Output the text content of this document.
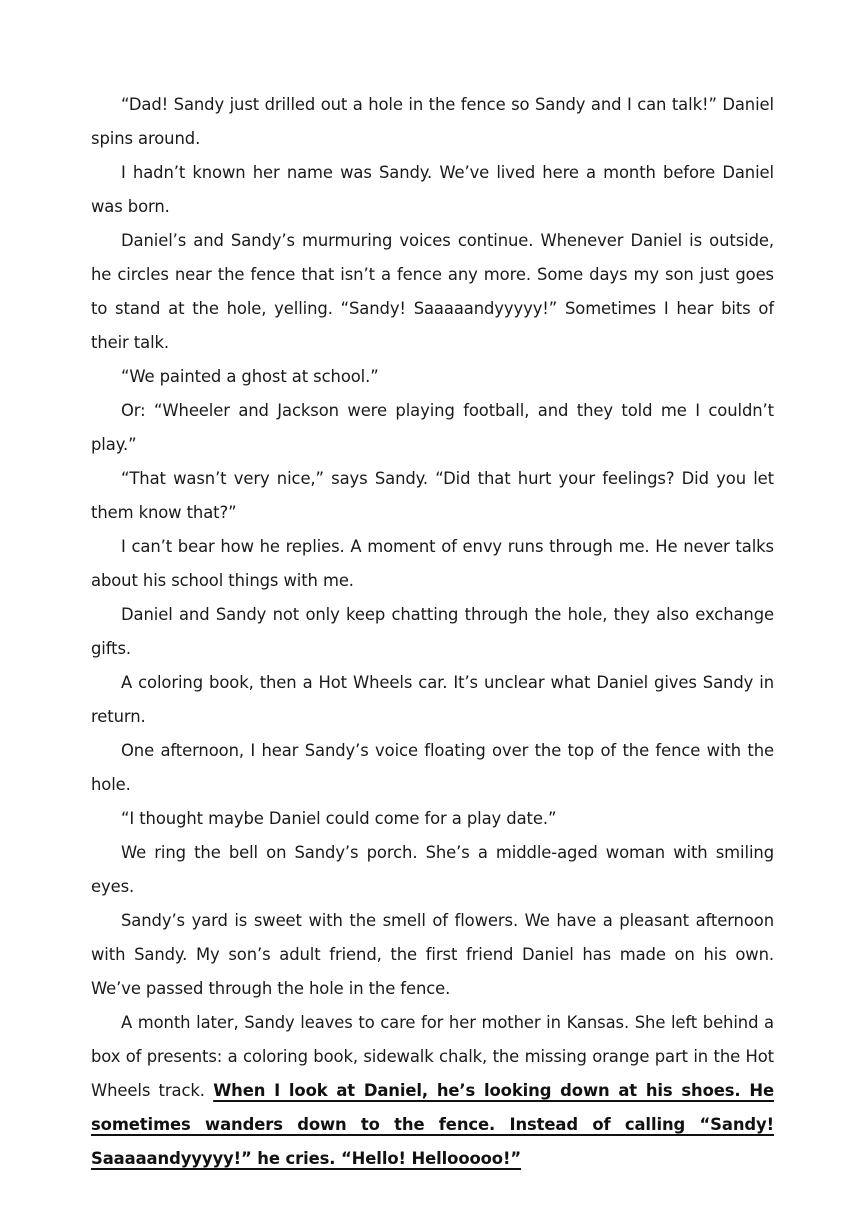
“Dad! Sandy just drilled out a hole in the fence so Sandy and I can talk!” Daniel spins around.

I hadn’t known her name was Sandy. We’ve lived here a month before Daniel was born.

Daniel’s and Sandy’s murmuring voices continue. Whenever Daniel is outside, he circles near the fence that isn’t a fence any more. Some days my son just goes to stand at the hole, yelling. “Sandy! Saaaaandyyyyy!” Sometimes I hear bits of their talk.

“We painted a ghost at school.”

Or: “Wheeler and Jackson were playing football, and they told me I couldn’t play.”

“That wasn’t very nice,” says Sandy. “Did that hurt your feelings? Did you let them know that?”

I can’t bear how he replies. A moment of envy runs through me. He never talks about his school things with me.

Daniel and Sandy not only keep chatting through the hole, they also exchange gifts.

A coloring book, then a Hot Wheels car. It’s unclear what Daniel gives Sandy in return.

One afternoon, I hear Sandy’s voice floating over the top of the fence with the hole.

“I thought maybe Daniel could come for a play date.”

We ring the bell on Sandy’s porch. She’s a middle-aged woman with smiling eyes.

Sandy’s yard is sweet with the smell of flowers. We have a pleasant afternoon with Sandy. My son’s adult friend, the first friend Daniel has made on his own. We’ve passed through the hole in the fence.

A month later, Sandy leaves to care for her mother in Kansas. She left behind a box of presents: a coloring book, sidewalk chalk, the missing orange part in the Hot Wheels track. When I look at Daniel, he’s looking down at his shoes. He sometimes wanders down to the fence. Instead of calling “Sandy! Saaaaandyyyyy!” he cries. “Hello! Hellooooo!”
